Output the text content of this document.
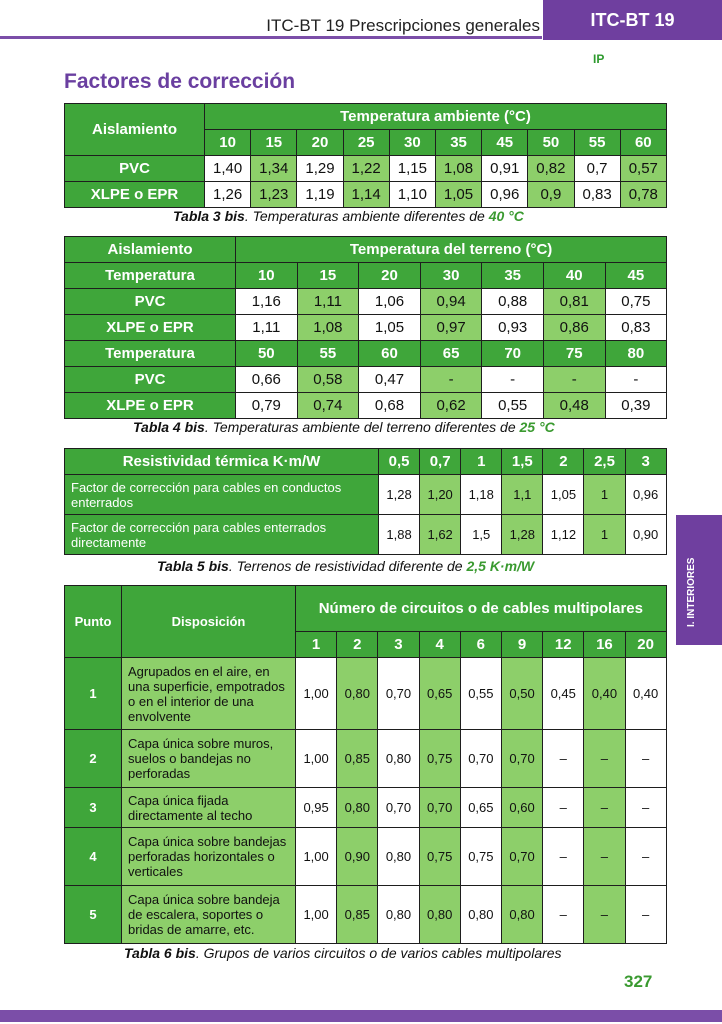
ITC-BT 19 Prescripciones generales	ITC-BT 19
IP
Factores de corrección
Aislamiento	Temperatura ambiente (°C)									
	10	15	20	25	30	35	45	50	55	60
PVC	1,40	1,34	1,29	1,22	1,15	1,08	0,91	0,82	0,7	0,57
XLPE o EPR	1,26	1,23	1,19	1,14	1,10	1,05	0,96	0,9	0,83	0,78
Tabla 3 bis. Temperaturas ambiente diferentes de 40 °C
Aislamiento	Temperatura del terreno (°C)						
Temperatura	10	15	20	30	35	40	45
PVC	1,16	1,11	1,06	0,94	0,88	0,81	0,75
XLPE o EPR	1,11	1,08	1,05	0,97	0,93	0,86	0,83
Temperatura	50	55	60	65	70	75	80
PVC	0,66	0,58	0,47	-	-	-	-
XLPE o EPR	0,79	0,74	0,68	0,62	0,55	0,48	0,39
Tabla 4 bis. Temperaturas ambiente del terreno diferentes de 25 °C
Resistividad térmica K·m/W	0,5	0,7	1	1,5	2	2,5	3
Factor de corrección para cables en conductos enterrados	1,28	1,20	1,18	1,1	1,05	1	0,96
Factor de corrección para cables enterrados directamente	1,88	1,62	1,5	1,28	1,12	1	0,90
Tabla 5 bis. Terrenos de resistividad diferente de 2,5 K·m/W
Punto	Disposición	Número de circuitos o de cables multipolares								
		1	2	3	4	6	9	12	16	20
1	Agrupados en el aire, en una superficie, empotrados o en el interior de una envolvente	1,00	0,80	0,70	0,65	0,55	0,50	0,45	0,40	0,40
2	Capa única sobre muros, suelos o bandejas no perforadas	1,00	0,85	0,80	0,75	0,70	0,70	–	–	–
3	Capa única fijada directamente al techo	0,95	0,80	0,70	0,70	0,65	0,60	–	–	–
4	Capa única sobre bandejas perforadas horizontales o verticales	1,00	0,90	0,80	0,75	0,75	0,70	–	–	–
5	Capa única sobre bandeja de escalera, soportes o bridas de amarre, etc.	1,00	0,85	0,80	0,80	0,80	0,80	–	–	–
Tabla 6 bis. Grupos de varios circuitos o de varios cables multipolares
I. INTERIORES
327
